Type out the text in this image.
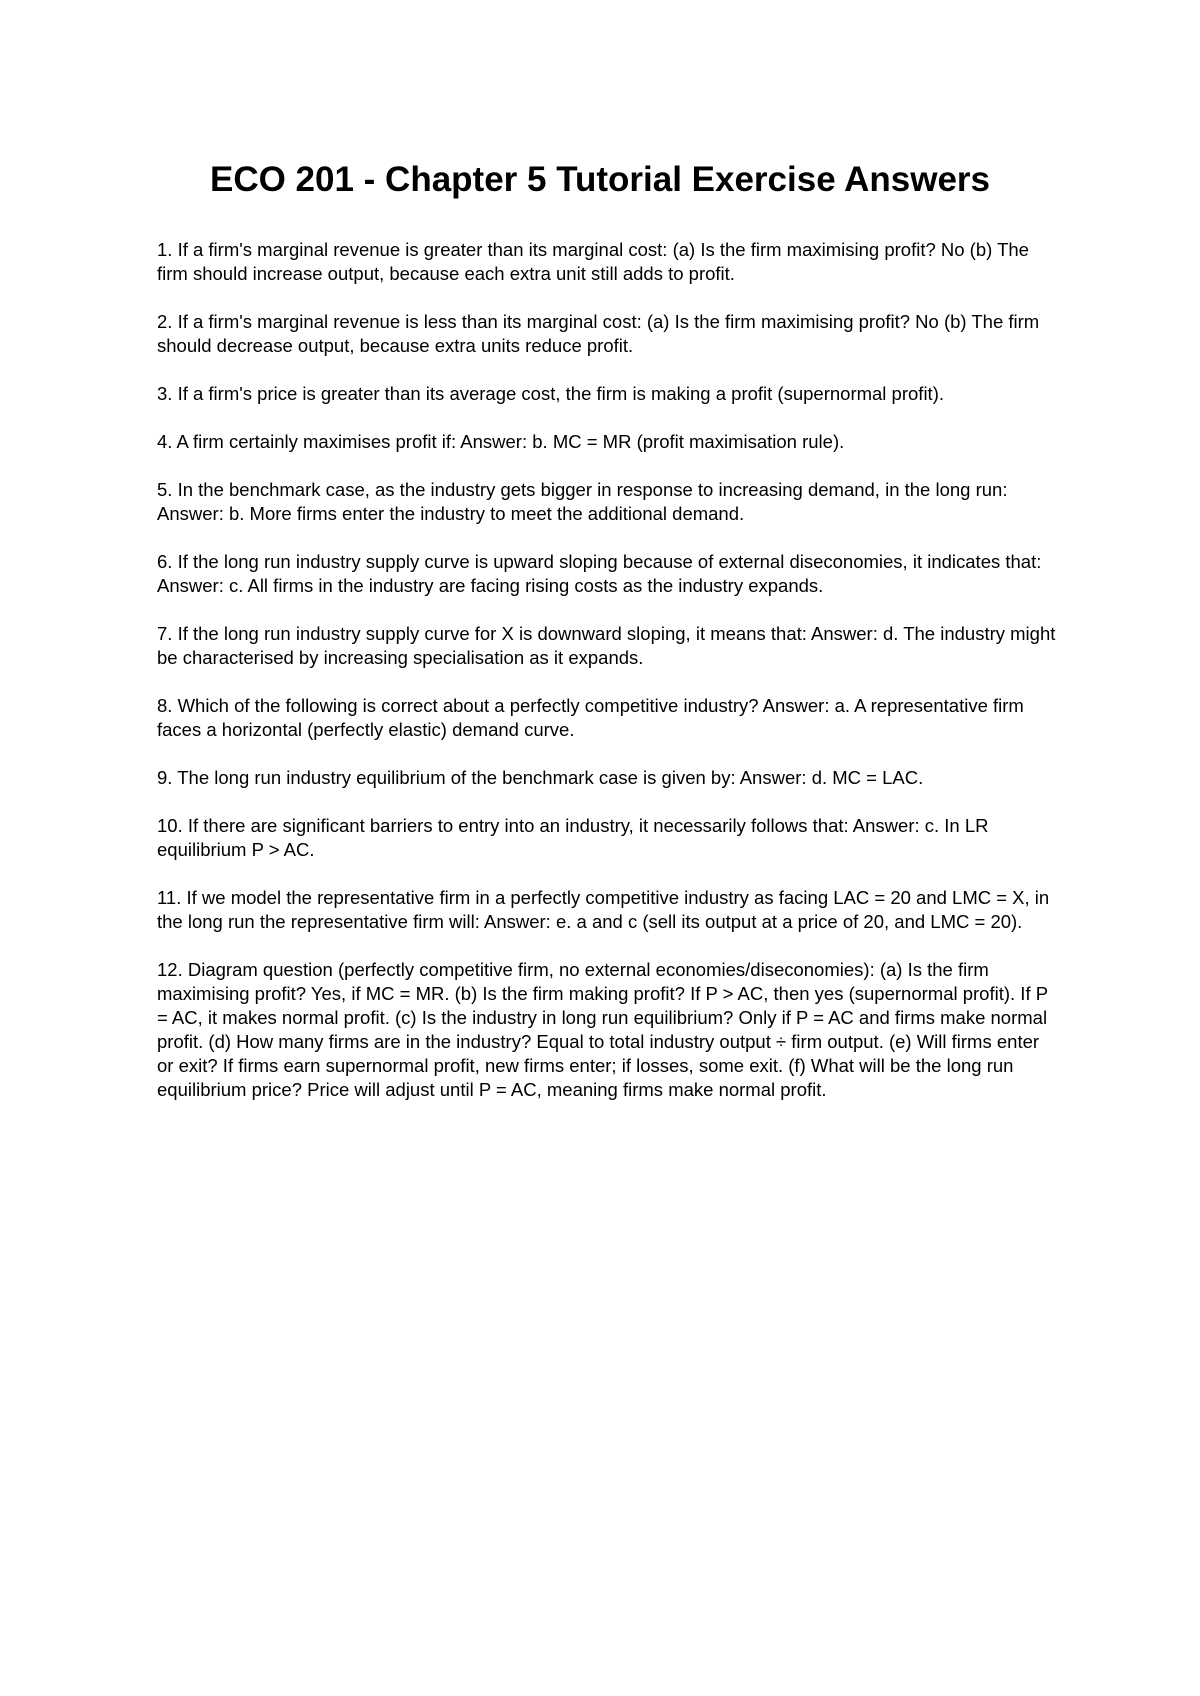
ECO 201 - Chapter 5 Tutorial Exercise Answers
1. If a firm's marginal revenue is greater than its marginal cost: (a) Is the firm maximising profit? No (b) The firm should increase output, because each extra unit still adds to profit.
2. If a firm's marginal revenue is less than its marginal cost: (a) Is the firm maximising profit? No (b) The firm should decrease output, because extra units reduce profit.
3. If a firm's price is greater than its average cost, the firm is making a profit (supernormal profit).
4. A firm certainly maximises profit if: Answer: b. MC = MR (profit maximisation rule).
5. In the benchmark case, as the industry gets bigger in response to increasing demand, in the long run: Answer: b. More firms enter the industry to meet the additional demand.
6. If the long run industry supply curve is upward sloping because of external diseconomies, it indicates that: Answer: c. All firms in the industry are facing rising costs as the industry expands.
7. If the long run industry supply curve for X is downward sloping, it means that: Answer: d. The industry might be characterised by increasing specialisation as it expands.
8. Which of the following is correct about a perfectly competitive industry? Answer: a. A representative firm faces a horizontal (perfectly elastic) demand curve.
9. The long run industry equilibrium of the benchmark case is given by: Answer: d. MC = LAC.
10. If there are significant barriers to entry into an industry, it necessarily follows that: Answer: c. In LR equilibrium P > AC.
11. If we model the representative firm in a perfectly competitive industry as facing LAC = 20 and LMC = X, in the long run the representative firm will: Answer: e. a and c (sell its output at a price of 20, and LMC = 20).
12. Diagram question (perfectly competitive firm, no external economies/diseconomies): (a) Is the firm maximising profit? Yes, if MC = MR. (b) Is the firm making profit? If P > AC, then yes (supernormal profit). If P = AC, it makes normal profit. (c) Is the industry in long run equilibrium? Only if P = AC and firms make normal profit. (d) How many firms are in the industry? Equal to total industry output ÷ firm output. (e) Will firms enter or exit? If firms earn supernormal profit, new firms enter; if losses, some exit. (f) What will be the long run equilibrium price? Price will adjust until P = AC, meaning firms make normal profit.
